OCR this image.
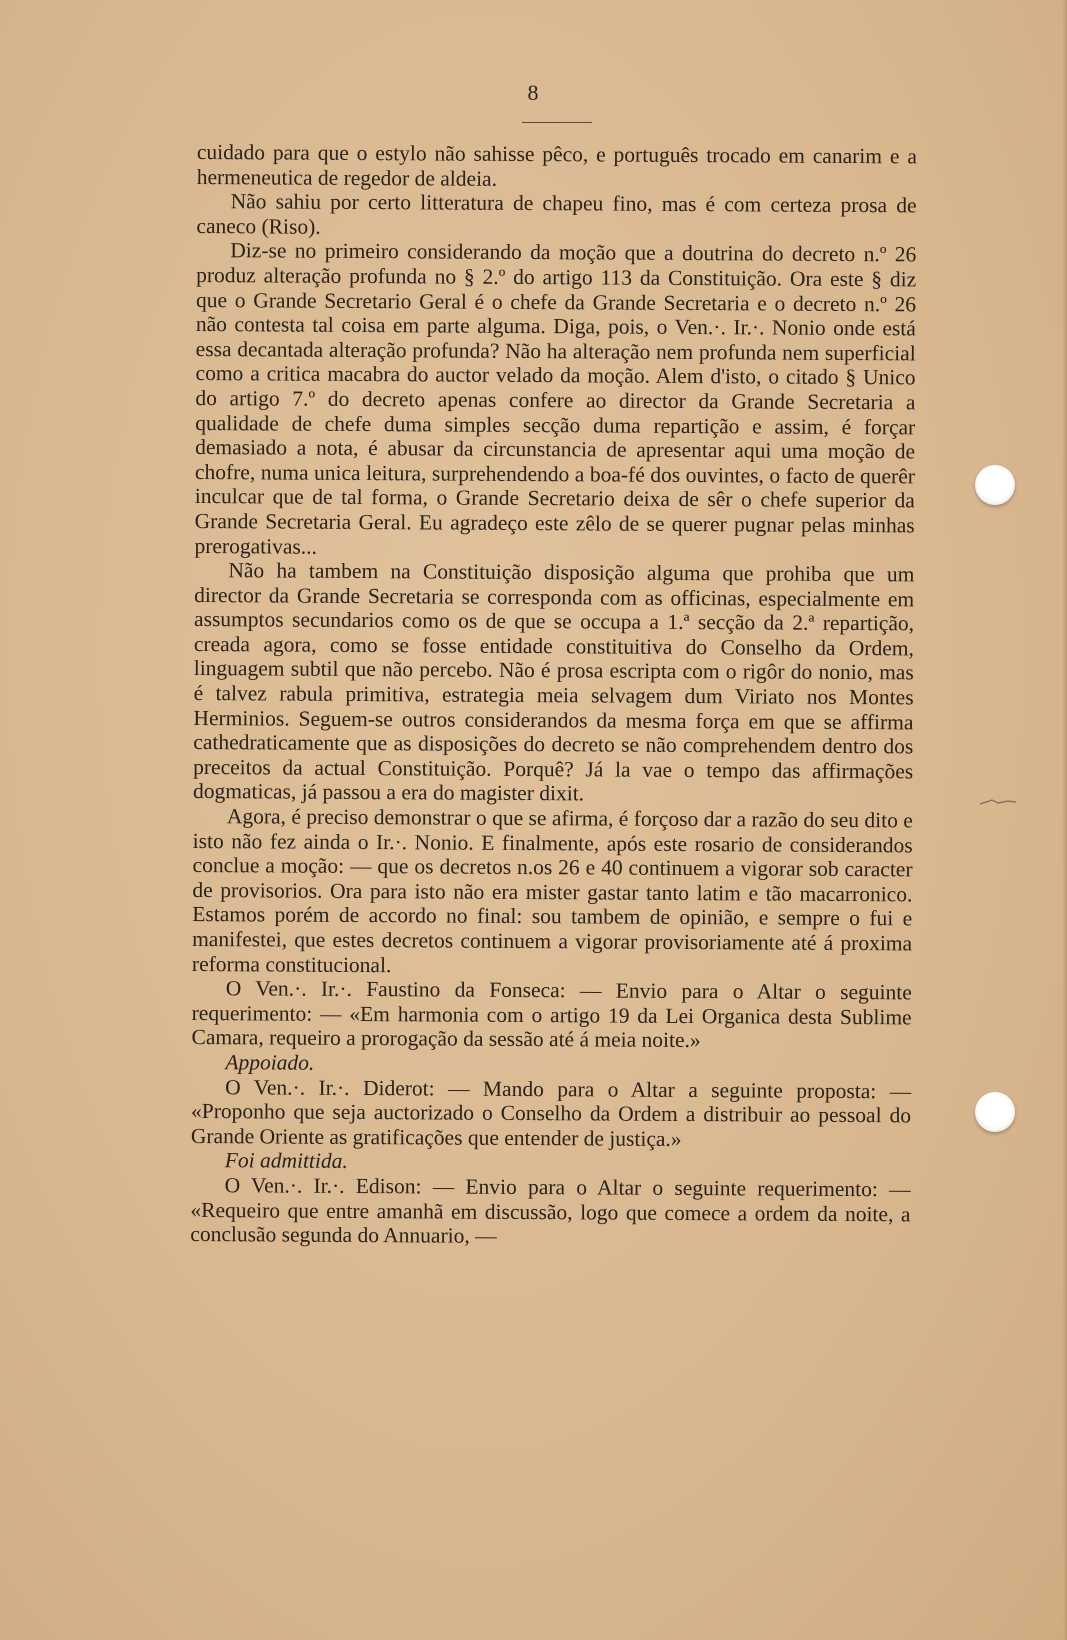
8

cuidado para que o estylo não sahisse pêco, e português trocado em canarim e a hermeneutica de regedor de aldeia.

Não sahiu por certo litteratura de chapeu fino, mas é com certeza prosa de caneco (Riso).

Diz-se no primeiro considerando da moção que a doutrina do decreto n.º 26 produz alteração profunda no § 2.º do artigo 113 da Constituição. Ora este § diz que o Grande Secretario Geral é o chefe da Grande Secretaria e o decreto n.º 26 não contesta tal coisa em parte alguma. Diga, pois, o Ven.·. Ir.·. Nonio onde está essa decantada alteração profunda? Não ha alteração nem profunda nem superficial como a critica macabra do auctor velado da moção. Alem d'isto, o citado § Unico do artigo 7.º do decreto apenas confere ao director da Grande Secretaria a qualidade de chefe duma simples secção duma repartição e assim, é forçar demasiado a nota, é abusar da circunstancia de apresentar aqui uma moção de chofre, numa unica leitura, surprehendendo a boa-fé dos ouvintes, o facto de querêr inculcar que de tal forma, o Grande Secretario deixa de sêr o chefe superior da Grande Secretaria Geral. Eu agradeço este zêlo de se querer pugnar pelas minhas prerogativas...

Não ha tambem na Constituição disposição alguma que prohiba que um director da Grande Secretaria se corresponda com as officinas, especialmente em assumptos secundarios como os de que se occupa a 1.ª secção da 2.ª repartição, creada agora, como se fosse entidade constituitiva do Conselho da Ordem, linguagem subtil que não percebo. Não é prosa escripta com o rigôr do nonio, mas é talvez rabula primitiva, estrategia meia selvagem dum Viriato nos Montes Herminios. Seguem-se outros considerandos da mesma força em que se affirma cathedraticamente que as disposições do decreto se não comprehendem dentro dos preceitos da actual Constituição. Porquê? Já la vae o tempo das affirmações dogmaticas, já passou a era do magister dixit.

Agora, é preciso demonstrar o que se afirma, é forçoso dar a razão do seu dito e isto não fez ainda o Ir.·. Nonio. E finalmente, após este rosario de considerandos conclue a moção: — que os decretos n.os 26 e 40 continuem a vigorar sob caracter de provisorios. Ora para isto não era mister gastar tanto latim e tão macarronico. Estamos porém de accordo no final: sou tambem de opinião, e sempre o fui e manifestei, que estes decretos continuem a vigorar provisoriamente até á proxima reforma constitucional.

O Ven.·. Ir.·. Faustino da Fonseca: — Envio para o Altar o seguinte requerimento: — «Em harmonia com o artigo 19 da Lei Organica desta Sublime Camara, requeiro a prorogação da sessão até á meia noite.»

Appoiado.

O Ven.·. Ir.·. Diderot: — Mando para o Altar a seguinte proposta: — «Proponho que seja auctorizado o Conselho da Ordem a distribuir ao pessoal do Grande Oriente as gratificações que entender de justiça.»

Foi admittida.

O Ven.·. Ir.·. Edison: — Envio para o Altar o seguinte requerimento: — «Requeiro que entre amanhã em discussão, logo que comece a ordem da noite, a conclusão segunda do Annuario, —
